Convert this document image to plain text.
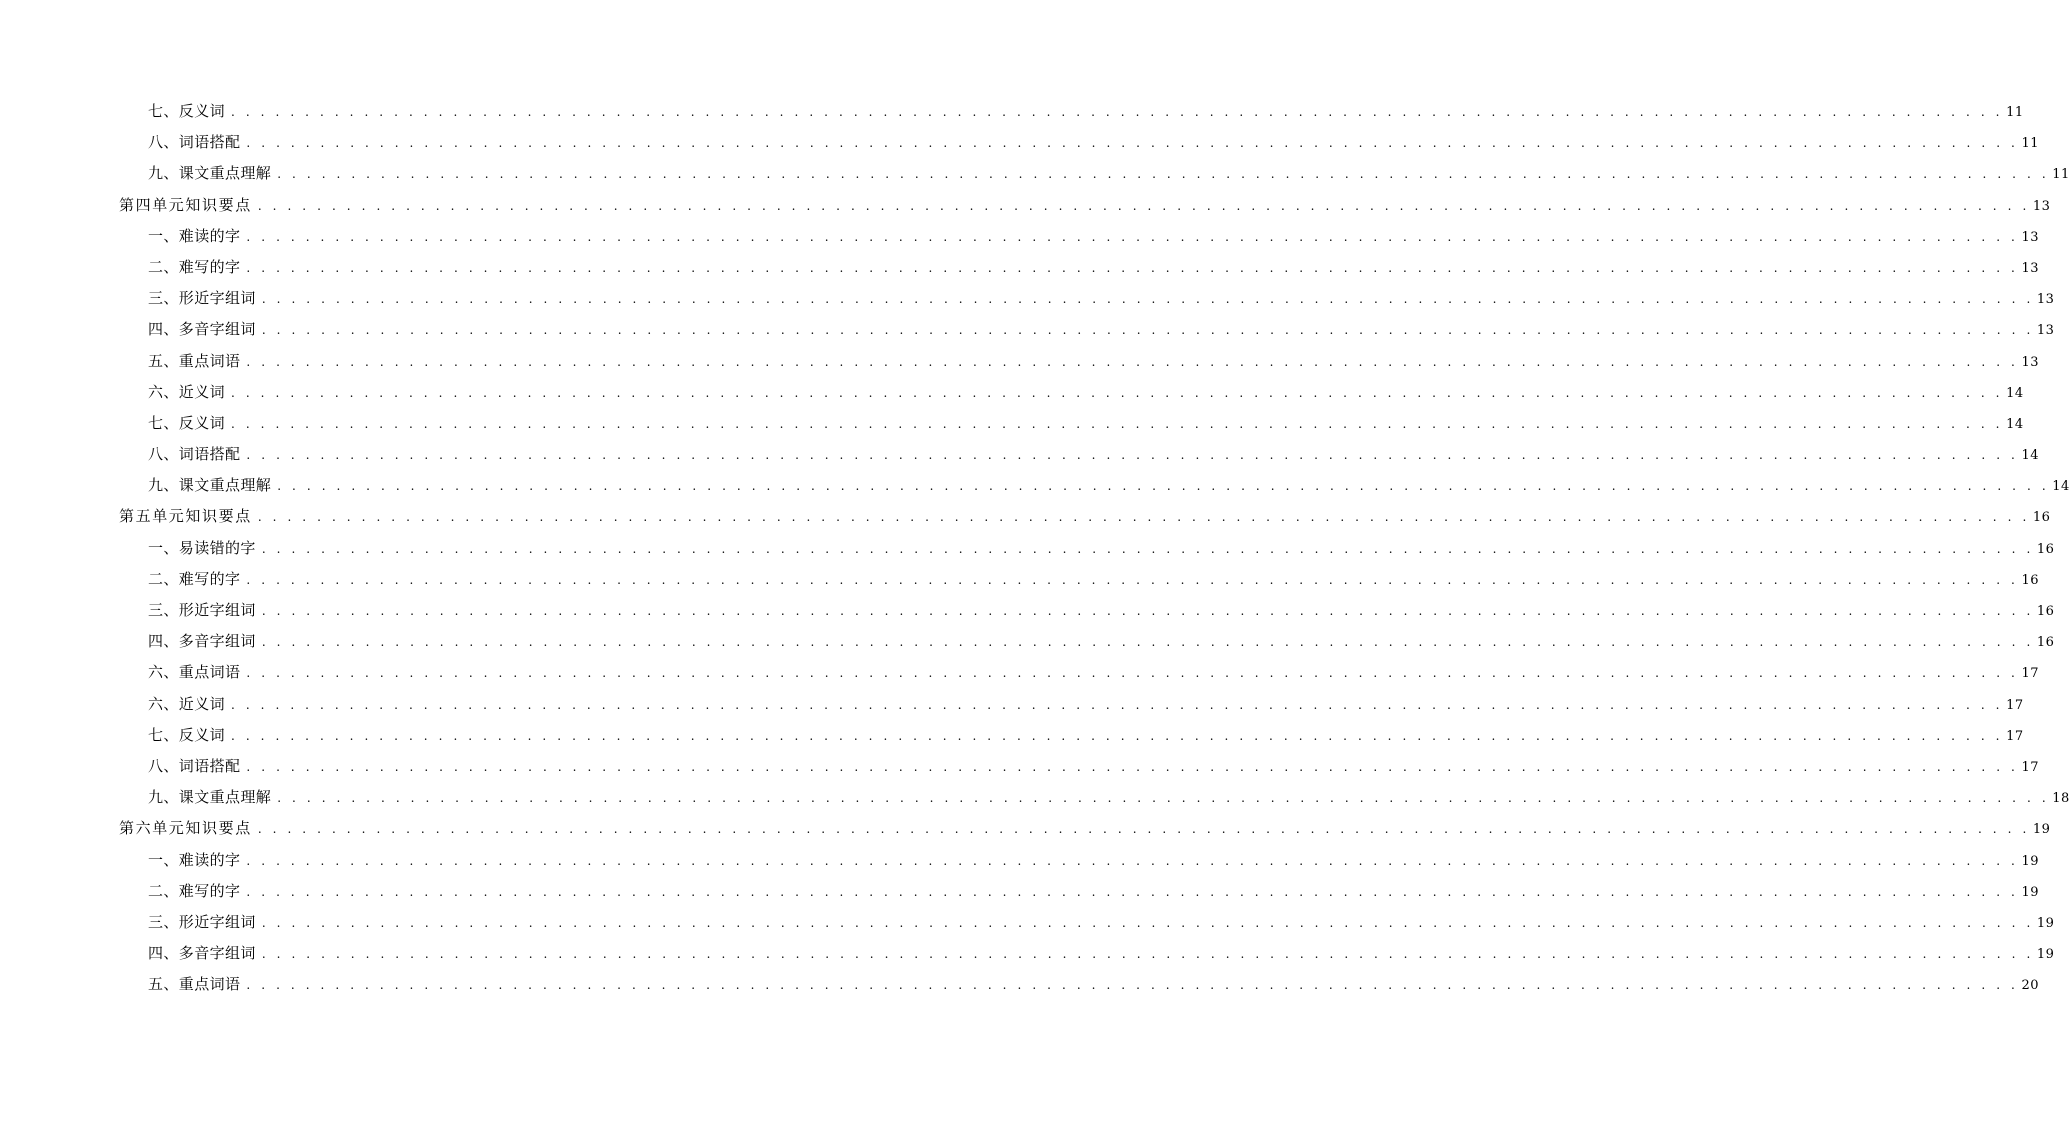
七、反义词 . . . . . . . . . . . . . . . . . . . . . . . . . . . . . . . . . . . . . . . . . . . . . . . . . . . . . . . . . . . . . . . . . . . . . . . . . . . . . . . . . . . . . . . . . . . . . . . . . . . . . . . . . . . . . . . . . . . . . . . . 11
八、词语搭配 . . . . . . . . . . . . . . . . . . . . . . . . . . . . . . . . . . . . . . . . . . . . . . . . . . . . . . . . . . . . . . . . . . . . . . . . . . . . . . . . . . . . . . . . . . . . . . . . . . . . . . . . . . . . . . . . . . . . . . . . 11
九、课文重点理解 . . . . . . . . . . . . . . . . . . . . . . . . . . . . . . . . . . . . . . . . . . . . . . . . . . . . . . . . . . . . . . . . . . . . . . . . . . . . . . . . . . . . . . . . . . . . . . . . . . . . . . . . . . . . . . . . . . . . . . . . 11
第四单元知识要点 . . . . . . . . . . . . . . . . . . . . . . . . . . . . . . . . . . . . . . . . . . . . . . . . . . . . . . . . . . . . . . . . . . . . . . . . . . . . . . . . . . . . . . . . . . . . . . . . . . . . . . . . . . . . . . . . . . . . . . . . 13
一、难读的字 . . . . . . . . . . . . . . . . . . . . . . . . . . . . . . . . . . . . . . . . . . . . . . . . . . . . . . . . . . . . . . . . . . . . . . . . . . . . . . . . . . . . . . . . . . . . . . . . . . . . . . . . . . . . . . . . . . . . . . . . 13
二、难写的字 . . . . . . . . . . . . . . . . . . . . . . . . . . . . . . . . . . . . . . . . . . . . . . . . . . . . . . . . . . . . . . . . . . . . . . . . . . . . . . . . . . . . . . . . . . . . . . . . . . . . . . . . . . . . . . . . . . . . . . . . 13
三、形近字组词 . . . . . . . . . . . . . . . . . . . . . . . . . . . . . . . . . . . . . . . . . . . . . . . . . . . . . . . . . . . . . . . . . . . . . . . . . . . . . . . . . . . . . . . . . . . . . . . . . . . . . . . . . . . . . . . . . . . . . . . . 13
四、多音字组词 . . . . . . . . . . . . . . . . . . . . . . . . . . . . . . . . . . . . . . . . . . . . . . . . . . . . . . . . . . . . . . . . . . . . . . . . . . . . . . . . . . . . . . . . . . . . . . . . . . . . . . . . . . . . . . . . . . . . . . . . 13
五、重点词语 . . . . . . . . . . . . . . . . . . . . . . . . . . . . . . . . . . . . . . . . . . . . . . . . . . . . . . . . . . . . . . . . . . . . . . . . . . . . . . . . . . . . . . . . . . . . . . . . . . . . . . . . . . . . . . . . . . . . . . . . 13
六、近义词 . . . . . . . . . . . . . . . . . . . . . . . . . . . . . . . . . . . . . . . . . . . . . . . . . . . . . . . . . . . . . . . . . . . . . . . . . . . . . . . . . . . . . . . . . . . . . . . . . . . . . . . . . . . . . . . . . . . . . . . . 14
七、反义词 . . . . . . . . . . . . . . . . . . . . . . . . . . . . . . . . . . . . . . . . . . . . . . . . . . . . . . . . . . . . . . . . . . . . . . . . . . . . . . . . . . . . . . . . . . . . . . . . . . . . . . . . . . . . . . . . . . . . . . . . 14
八、词语搭配 . . . . . . . . . . . . . . . . . . . . . . . . . . . . . . . . . . . . . . . . . . . . . . . . . . . . . . . . . . . . . . . . . . . . . . . . . . . . . . . . . . . . . . . . . . . . . . . . . . . . . . . . . . . . . . . . . . . . . . . . 14
九、课文重点理解 . . . . . . . . . . . . . . . . . . . . . . . . . . . . . . . . . . . . . . . . . . . . . . . . . . . . . . . . . . . . . . . . . . . . . . . . . . . . . . . . . . . . . . . . . . . . . . . . . . . . . . . . . . . . . . . . . . . . . . . . 14
第五单元知识要点 . . . . . . . . . . . . . . . . . . . . . . . . . . . . . . . . . . . . . . . . . . . . . . . . . . . . . . . . . . . . . . . . . . . . . . . . . . . . . . . . . . . . . . . . . . . . . . . . . . . . . . . . . . . . . . . . . . . . . . . . 16
一、易读错的字 . . . . . . . . . . . . . . . . . . . . . . . . . . . . . . . . . . . . . . . . . . . . . . . . . . . . . . . . . . . . . . . . . . . . . . . . . . . . . . . . . . . . . . . . . . . . . . . . . . . . . . . . . . . . . . . . . . . . . . . . 16
二、难写的字 . . . . . . . . . . . . . . . . . . . . . . . . . . . . . . . . . . . . . . . . . . . . . . . . . . . . . . . . . . . . . . . . . . . . . . . . . . . . . . . . . . . . . . . . . . . . . . . . . . . . . . . . . . . . . . . . . . . . . . . . 16
三、形近字组词 . . . . . . . . . . . . . . . . . . . . . . . . . . . . . . . . . . . . . . . . . . . . . . . . . . . . . . . . . . . . . . . . . . . . . . . . . . . . . . . . . . . . . . . . . . . . . . . . . . . . . . . . . . . . . . . . . . . . . . . . 16
四、多音字组词 . . . . . . . . . . . . . . . . . . . . . . . . . . . . . . . . . . . . . . . . . . . . . . . . . . . . . . . . . . . . . . . . . . . . . . . . . . . . . . . . . . . . . . . . . . . . . . . . . . . . . . . . . . . . . . . . . . . . . . . . 16
六、重点词语 . . . . . . . . . . . . . . . . . . . . . . . . . . . . . . . . . . . . . . . . . . . . . . . . . . . . . . . . . . . . . . . . . . . . . . . . . . . . . . . . . . . . . . . . . . . . . . . . . . . . . . . . . . . . . . . . . . . . . . . . 17
六、近义词 . . . . . . . . . . . . . . . . . . . . . . . . . . . . . . . . . . . . . . . . . . . . . . . . . . . . . . . . . . . . . . . . . . . . . . . . . . . . . . . . . . . . . . . . . . . . . . . . . . . . . . . . . . . . . . . . . . . . . . . . 17
七、反义词 . . . . . . . . . . . . . . . . . . . . . . . . . . . . . . . . . . . . . . . . . . . . . . . . . . . . . . . . . . . . . . . . . . . . . . . . . . . . . . . . . . . . . . . . . . . . . . . . . . . . . . . . . . . . . . . . . . . . . . . . 17
八、词语搭配 . . . . . . . . . . . . . . . . . . . . . . . . . . . . . . . . . . . . . . . . . . . . . . . . . . . . . . . . . . . . . . . . . . . . . . . . . . . . . . . . . . . . . . . . . . . . . . . . . . . . . . . . . . . . . . . . . . . . . . . . 17
九、课文重点理解 . . . . . . . . . . . . . . . . . . . . . . . . . . . . . . . . . . . . . . . . . . . . . . . . . . . . . . . . . . . . . . . . . . . . . . . . . . . . . . . . . . . . . . . . . . . . . . . . . . . . . . . . . . . . . . . . . . . . . . . . 18
第六单元知识要点 . . . . . . . . . . . . . . . . . . . . . . . . . . . . . . . . . . . . . . . . . . . . . . . . . . . . . . . . . . . . . . . . . . . . . . . . . . . . . . . . . . . . . . . . . . . . . . . . . . . . . . . . . . . . . . . . . . . . . . . . 19
一、难读的字 . . . . . . . . . . . . . . . . . . . . . . . . . . . . . . . . . . . . . . . . . . . . . . . . . . . . . . . . . . . . . . . . . . . . . . . . . . . . . . . . . . . . . . . . . . . . . . . . . . . . . . . . . . . . . . . . . . . . . . . . 19
二、难写的字 . . . . . . . . . . . . . . . . . . . . . . . . . . . . . . . . . . . . . . . . . . . . . . . . . . . . . . . . . . . . . . . . . . . . . . . . . . . . . . . . . . . . . . . . . . . . . . . . . . . . . . . . . . . . . . . . . . . . . . . . 19
三、形近字组词 . . . . . . . . . . . . . . . . . . . . . . . . . . . . . . . . . . . . . . . . . . . . . . . . . . . . . . . . . . . . . . . . . . . . . . . . . . . . . . . . . . . . . . . . . . . . . . . . . . . . . . . . . . . . . . . . . . . . . . . . 19
四、多音字组词 . . . . . . . . . . . . . . . . . . . . . . . . . . . . . . . . . . . . . . . . . . . . . . . . . . . . . . . . . . . . . . . . . . . . . . . . . . . . . . . . . . . . . . . . . . . . . . . . . . . . . . . . . . . . . . . . . . . . . . . . 19
五、重点词语 . . . . . . . . . . . . . . . . . . . . . . . . . . . . . . . . . . . . . . . . . . . . . . . . . . . . . . . . . . . . . . . . . . . . . . . . . . . . . . . . . . . . . . . . . . . . . . . . . . . . . . . . . . . . . . . . . . . . . . . . 20
